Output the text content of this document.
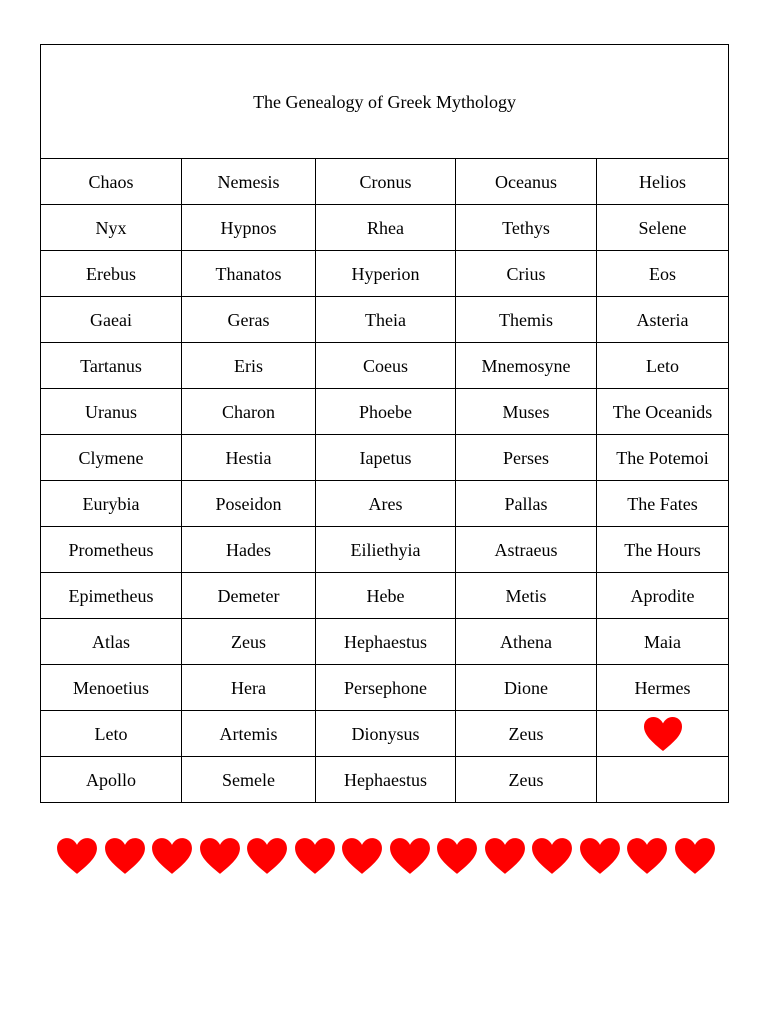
The Genealogy of Greek Mythology				
Chaos	Nemesis	Cronus	Oceanus	Helios
Nyx	Hypnos	Rhea	Tethys	Selene
Erebus	Thanatos	Hyperion	Crius	Eos
Gaeai	Geras	Theia	Themis	Asteria
Tartanus	Eris	Coeus	Mnemosyne	Leto
Uranus	Charon	Phoebe	Muses	The Oceanids
Clymene	Hestia	Iapetus	Perses	The Potemoi
Eurybia	Poseidon	Ares	Pallas	The Fates
Prometheus	Hades	Eiliethyia	Astraeus	The Hours
Epimetheus	Demeter	Hebe	Metis	Aprodite
Atlas	Zeus	Hephaestus	Athena	Maia
Menoetius	Hera	Persephone	Dione	Hermes
Leto	Artemis	Dionysus	Zeus	

Apollo	Semele	Hephaestus	Zeus	
